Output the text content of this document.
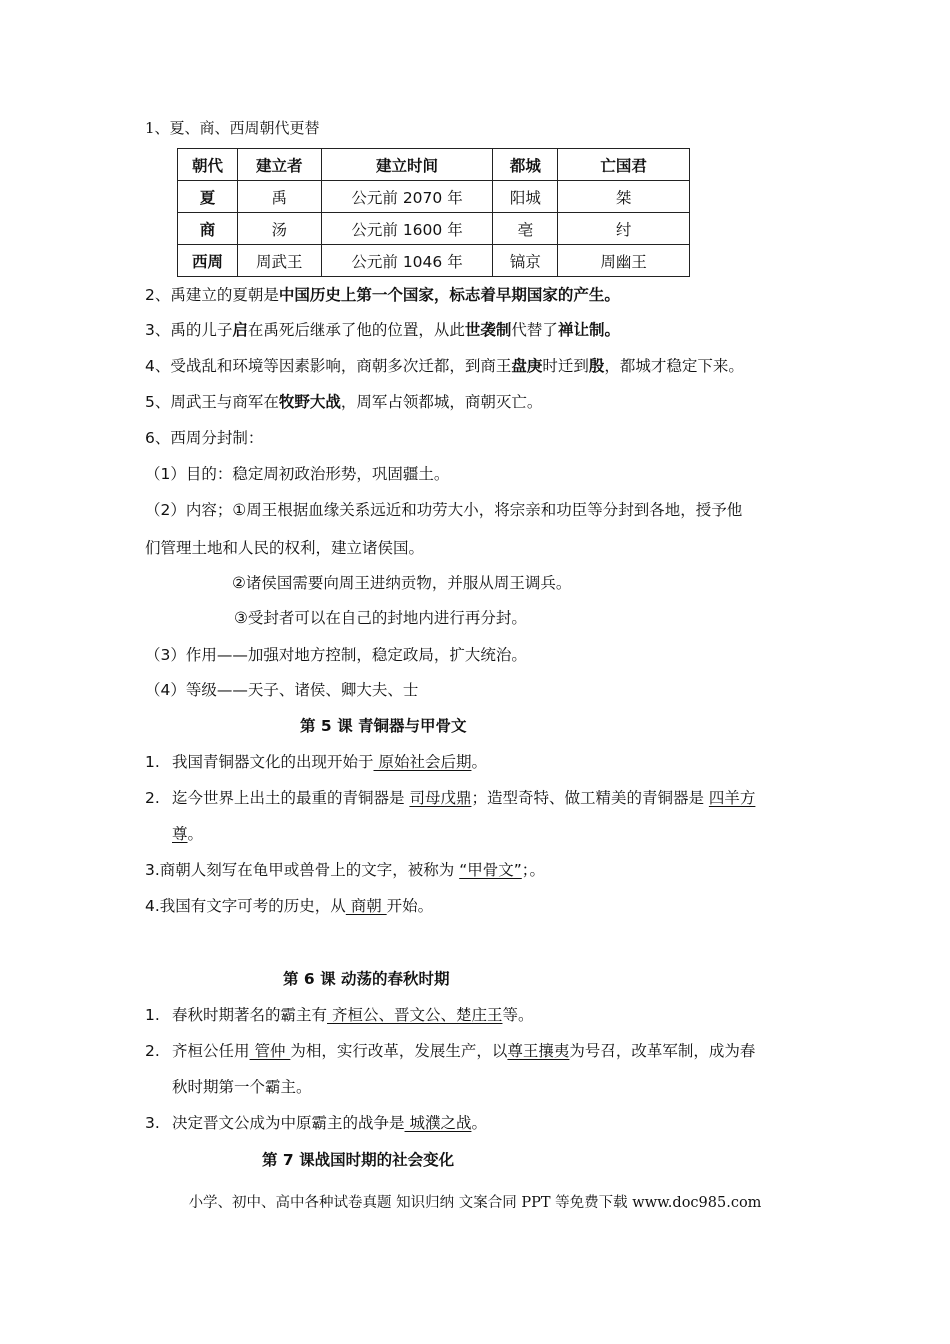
1、夏、商、西周朝代更替
朝代	建立者	建立时间	都城	亡国君
夏	禹	公元前 2070 年	阳城	桀
商	汤	公元前 1600 年	亳	纣
西周	周武王	公元前 1046 年	镐京	周幽王
2、禹建立的夏朝是中国历史上第一个国家，标志着早期国家的产生。
3、禹的儿子启在禹死后继承了他的位置，从此世袭制代替了禅让制。
4、受战乱和环境等因素影响，商朝多次迁都，到商王盘庚时迁到殷，都城才稳定下来。
5、周武王与商军在牧野大战，周军占领都城，商朝灭亡。
6、西周分封制：
（1）目的：稳定周初政治形势，巩固疆土。
（2）内容；①周王根据血缘关系远近和功劳大小，将宗亲和功臣等分封到各地，授予他
们管理土地和人民的权利，建立诸侯国。
②诸侯国需要向周王进纳贡物，并服从周王调兵。
③受封者可以在自己的封地内进行再分封。
（3）作用——加强对地方控制，稳定政局，扩大统治。
（4）等级——天子、诸侯、卿大夫、士
第 5 课 青铜器与甲骨文
1. 我国青铜器文化的出现开始于 原始社会后期。
2. 迄今世界上出土的最重的青铜器是 司母戊鼎；造型奇特、做工精美的青铜器是 四羊方
尊。
3.商朝人刻写在龟甲或兽骨上的文字，被称为 “甲骨文”；。
4.我国有文字可考的历史，从 商朝 开始。
第 6 课 动荡的春秋时期
1. 春秋时期著名的霸主有 齐桓公、晋文公、楚庄王等。
2. 齐桓公任用 管仲 为相，实行改革，发展生产，以尊王攘夷为号召，改革军制，成为春
秋时期第一个霸主。
3. 决定晋文公成为中原霸主的战争是 城濮之战。
第 7 课战国时期的社会变化
小学、初中、高中各种试卷真题 知识归纳 文案合同 PPT 等免费下载 www.doc985.com
